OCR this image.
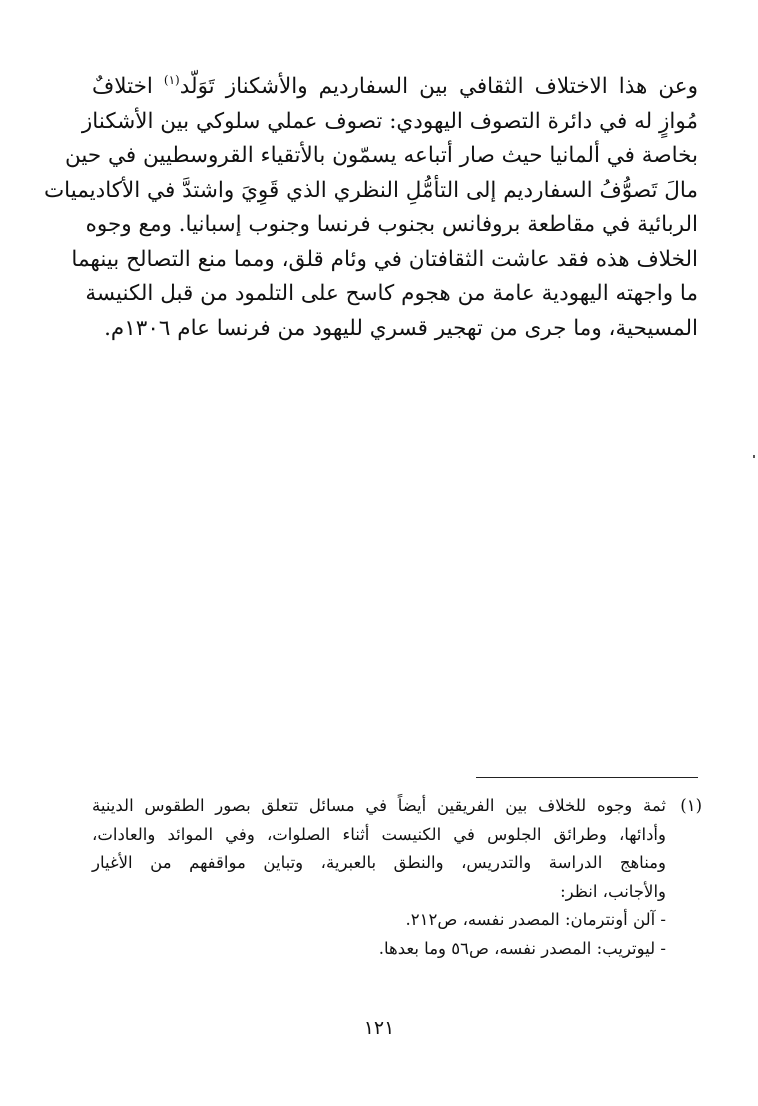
وعن هذا الاختلاف الثقافي بين السفارديم والأشكناز تَوَلّد$^{(١)}$ اختلافٌ
مُوازٍ له في دائرة التصوف اليهودي: تصوف عملي سلوكي بين الأشكناز
بخاصة في ألمانيا حيث صار أتباعه يسمّون بالأتقياء القروسطيين في حين
مالَ تَصوُّفُ السفارديم إلى التأمُّلِ النظري الذي قَوِيَ واشتدَّ في الأكاديميات
الربائية في مقاطعة بروفانس بجنوب فرنسا وجنوب إسبانيا. ومع وجوه
الخلاف هذه فقد عاشت الثقافتان في وئام قلق، ومما منع التصالح بينهما
ما واجهته اليهودية عامة من هجوم كاسح على التلمود من قبل الكنيسة
المسيحية، وما جرى من تهجير قسري لليهود من فرنسا عام ١٣٠٦م.
(١)
ثمة وجوه للخلاف بين الفريقين أيضاً في مسائل تتعلق بصور الطقوس الدينية
وأدائها، وطرائق الجلوس في الكنيست أثناء الصلوات، وفي الموائد والعادات،
ومناهج الدراسة والتدريس، والنطق بالعبرية، وتباين مواقفهم من الأغيار
والأجانب، انظر:
- آلن أونترمان: المصدر نفسه، ص٢١٢.
- ليوتريب: المصدر نفسه، ص٥٦ وما بعدها.
١٢١
